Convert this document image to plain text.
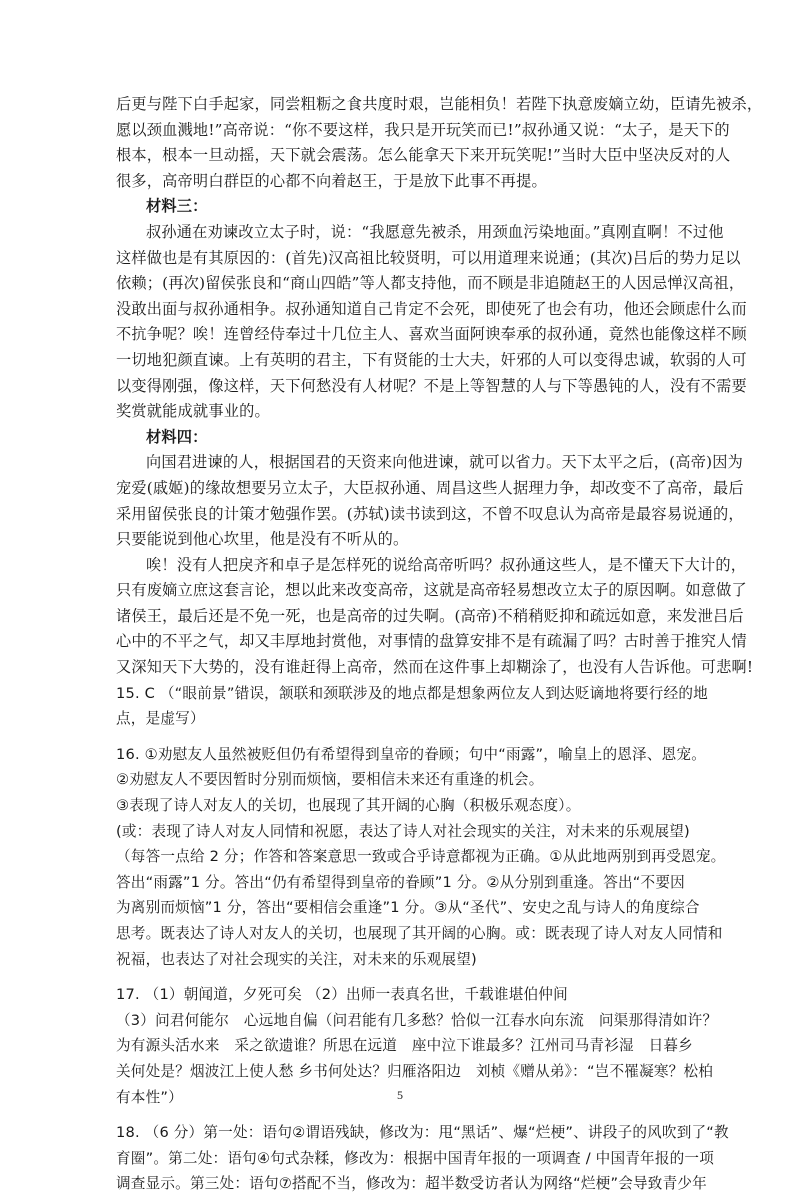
后更与陛下白手起家，同尝粗粝之食共度时艰，岂能相负！若陛下执意废嫡立幼，臣请先被杀，
愿以颈血溅地!”高帝说：“你不要这样，我只是开玩笑而已!”叔孙通又说：“太子，是天下的
根本，根本一旦动摇，天下就会震荡。怎么能拿天下来开玩笑呢!”当时大臣中坚决反对的人
很多，高帝明白群臣的心都不向着赵王，于是放下此事不再提。
材料三：
叔孙通在劝谏改立太子时，说：“我愿意先被杀，用颈血污染地面。”真刚直啊！不过他
这样做也是有其原因的：(首先)汉高祖比较贤明，可以用道理来说通；(其次)吕后的势力足以
依赖；(再次)留侯张良和“商山四皓”等人都支持他，而不顾是非追随赵王的人因忌惮汉高祖，
没敢出面与叔孙通相争。叔孙通知道自己肯定不会死，即使死了也会有功，他还会顾虑什么而
不抗争呢？唉！连曾经侍奉过十几位主人、喜欢当面阿谀奉承的叔孙通，竟然也能像这样不顾
一切地犯颜直谏。上有英明的君主，下有贤能的士大夫，奸邪的人可以变得忠诚，软弱的人可
以变得刚强，像这样，天下何愁没有人材呢？不是上等智慧的人与下等愚钝的人，没有不需要
奖赏就能成就事业的。
材料四：
向国君进谏的人，根据国君的天资来向他进谏，就可以省力。天下太平之后，(高帝)因为
宠爱(戚姬)的缘故想要另立太子，大臣叔孙通、周昌这些人据理力争，却改变不了高帝，最后
采用留侯张良的计策才勉强作罢。(苏轼)读书读到这，不曾不叹息认为高帝是最容易说通的，
只要能说到他心坎里，他是没有不听从的。
唉！没有人把戾齐和卓子是怎样死的说给高帝听吗？叔孙通这些人，是不懂天下大计的，
只有废嫡立庶这套言论，想以此来改变高帝，这就是高帝轻易想改立太子的原因啊。如意做了
诸侯王，最后还是不免一死，也是高帝的过失啊。(高帝)不稍稍贬抑和疏远如意，来发泄吕后
心中的不平之气，却又丰厚地封赏他，对事情的盘算安排不是有疏漏了吗？古时善于推究人情
又深知天下大势的，没有谁赶得上高帝，然而在这件事上却糊涂了，也没有人告诉他。可悲啊!
15. C （“眼前景”错误，颔联和颈联涉及的地点都是想象两位友人到达贬谪地将要行经的地
点，是虚写）
16. ①劝慰友人虽然被贬但仍有希望得到皇帝的眷顾；句中“雨露”，喻皇上的恩泽、恩宠。
②劝慰友人不要因暂时分别而烦恼，要相信未来还有重逢的机会。
③表现了诗人对友人的关切，也展现了其开阔的心胸（积极乐观态度）。
(或：表现了诗人对友人同情和祝愿，表达了诗人对社会现实的关注，对未来的乐观展望)
（每答一点给 2 分；作答和答案意思一致或合乎诗意都视为正确。①从此地两别到再受恩宠。
答出“雨露”1 分。答出“仍有希望得到皇帝的眷顾”1 分。②从分别到重逢。答出“不要因
为离别而烦恼”1 分，答出“要相信会重逢”1 分。③从“圣代”、安史之乱与诗人的角度综合
思考。既表达了诗人对友人的关切，也展现了其开阔的心胸。或：既表现了诗人对友人同情和
祝福，也表达了对社会现实的关注，对未来的乐观展望)
17. （1）朝闻道，夕死可矣 （2）出师一表真名世，千载谁堪伯仲间
（3）问君何能尔　心远地自偏（问君能有几多愁？恰似一江春水向东流　问渠那得清如许？
为有源头活水来　采之欲遗谁？所思在远道　座中泣下谁最多？江州司马青衫湿　日暮乡
关何处是？烟波江上使人愁 乡书何处达？归雁洛阳边　刘桢《赠从弟》：“岂不罹凝寒？松柏
有本性”）
18. （6 分）第一处：语句②谓语残缺，修改为：甩“黑话”、爆“烂梗”、讲段子的风吹到了“教
育圈”。第二处：语句④句式杂糅，修改为：根据中国青年报的一项调查 / 中国青年报的一项
调查显示。第三处：语句⑦搭配不当，修改为：超半数受访者认为网络“烂梗”会导致青少年
5
